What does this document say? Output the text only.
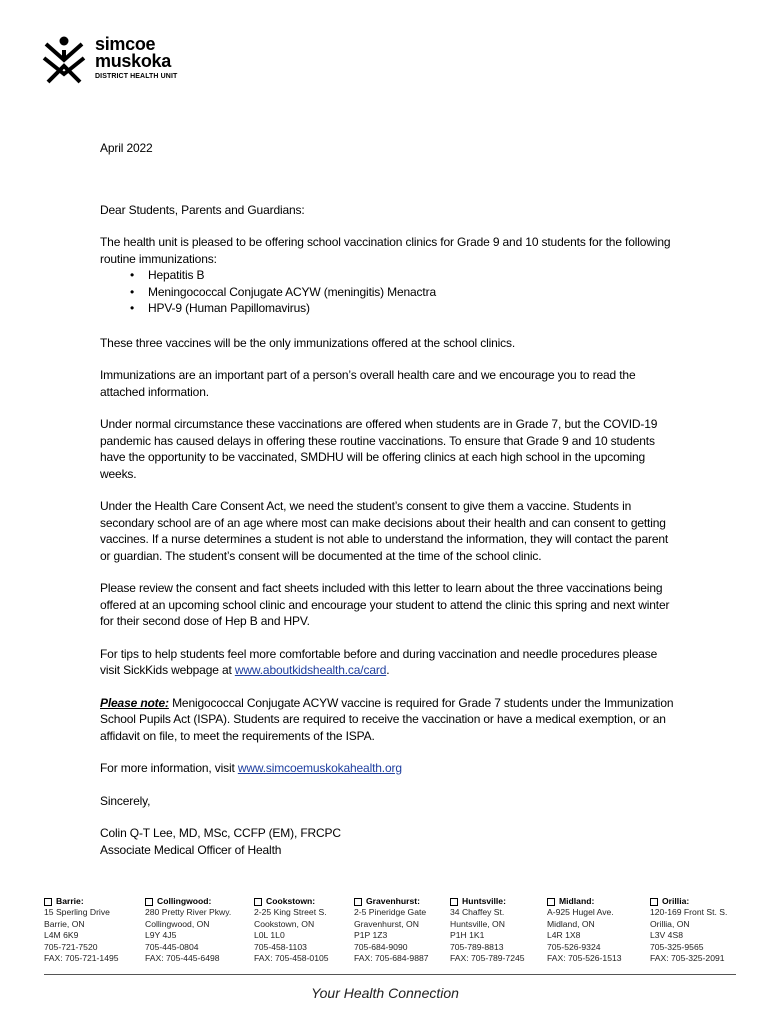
simcoe
muskoka
DISTRICT HEALTH UNIT

April 2022

Dear Students, Parents and Guardians:

The health unit is pleased to be offering school vaccination clinics for Grade 9 and 10 students for the following routine immunizations:

• Hepatitis B
• Meningococcal Conjugate ACYW (meningitis) Menactra
• HPV-9 (Human Papillomavirus)

These three vaccines will be the only immunizations offered at the school clinics.

Immunizations are an important part of a person’s overall health care and we encourage you to read the attached information.

Under normal circumstance these vaccinations are offered when students are in Grade 7, but the COVID-19 pandemic has caused delays in offering these routine vaccinations. To ensure that Grade 9 and 10 students have the opportunity to be vaccinated, SMDHU will be offering clinics at each high school in the upcoming weeks.

Under the Health Care Consent Act, we need the student’s consent to give them a vaccine. Students in secondary school are of an age where most can make decisions about their health and can consent to getting vaccines. If a nurse determines a student is not able to understand the information, they will contact the parent or guardian. The student’s consent will be documented at the time of the school clinic.

Please review the consent and fact sheets included with this letter to learn about the three vaccinations being offered at an upcoming school clinic and encourage your student to attend the clinic this spring and next winter for their second dose of Hep B and HPV.

For tips to help students feel more comfortable before and during vaccination and needle procedures please visit SickKids webpage at www.aboutkidshealth.ca/card.

Please note: Menigococcal Conjugate ACYW vaccine is required for Grade 7 students under the Immunization School Pupils Act (ISPA). Students are required to receive the vaccination or have a medical exemption, or an affidavit on file, to meet the requirements of the ISPA.

For more information, visit www.simcoemuskokahealth.org

Sincerely,

Colin Q-T Lee, MD, MSc, CCFP (EM), FRCPC

Associate Medical Officer of Health

Barrie:
15 Sperling Drive
Barrie, ON
L4M 6K9
705-721-7520
FAX: 705-721-1495
Collingwood:
280 Pretty River Pkwy.
Collingwood, ON
L9Y 4J5
705-445-0804
FAX: 705-445-6498
Cookstown:
2-25 King Street S.
Cookstown, ON
L0L 1L0
705-458-1103
FAX: 705-458-0105
Gravenhurst:
2-5 Pineridge Gate
Gravenhurst, ON
P1P 1Z3
705-684-9090
FAX: 705-684-9887
Huntsville:
34 Chaffey St.
Huntsville, ON
P1H 1K1
705-789-8813
FAX: 705-789-7245
Midland:
A-925 Hugel Ave.
Midland, ON
L4R 1X8
705-526-9324
FAX: 705-526-1513
Orillia:
120-169 Front St. S.
Orillia, ON
L3V 4S8
705-325-9565
FAX: 705-325-2091
Your Health Connection
